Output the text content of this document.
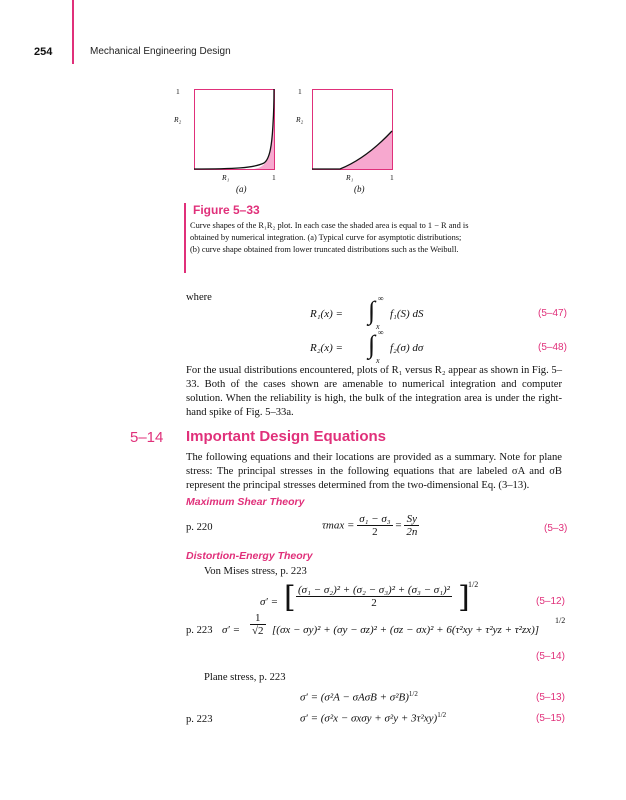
254	Mechanical Engineering Design
1
R₂
R₁	1
(a)
1
R₂
R₁	1
(b)
Figure 5–33
Curve shapes of the R₁R₂ plot. In each case the shaded area is equal to 1 − R and is obtained by numerical integration. (a) Typical curve for asymptotic distributions; (b) curve shape obtained from lower truncated distributions such as the Weibull.
where
R₁(x) = ∫ ∞
x
f₁(S) dS	(5–47)
R₂(x) = ∫ ∞
x
f₂(σ) dσ	(5–48)
For the usual distributions encountered, plots of R₁ versus R₂ appear as shown in Fig. 5–33. Both of the cases shown are amenable to numerical integration and computer solution. When the reliability is high, the bulk of the integration area is under the right-hand spike of Fig. 5–33a.
5–14 Important Design Equations
The following equations and their locations are provided as a summary. Note for plane stress: The principal stresses in the following equations that are labeled σA and σB represent the principal stresses determined from the two-dimensional Eq. (3–13).
Maximum Shear Theory
p. 220	$\tau\max = \frac{\text{σ₁ − σ₃}}{2} = \frac{Sy}{2n}$	(5–3)
Distortion-Energy Theory
Von Mises stress, p. 223
σ′ = [ $\frac{\text{(σ₁ − σ₂)² + (σ₂ − σ₃)² + (σ₃ − σ₁)²}}{2}$ ]
1/2
(5–12)
p. 223 $\sigma' = \frac{1}{√2} [(\sigma x - \sigma y)^2 + (\sigma y - \sigma z)^2 + (\sigma z - \sigma x)^2 + 6(\tau^2xy + \tau^2yz + \tau^2zx)]$
1/2
(5–14)
Plane stress, p. 223
$\sigma' = (\sigma^2A - \sigma A\sigma B + \sigma^2B)^{1/2}$	(5–13)
p. 223	$\sigma' = (\sigma^2x - \sigma x\sigma y + \sigma^2y + 3\tau^2xy)^{1/2}$	(5–15)
